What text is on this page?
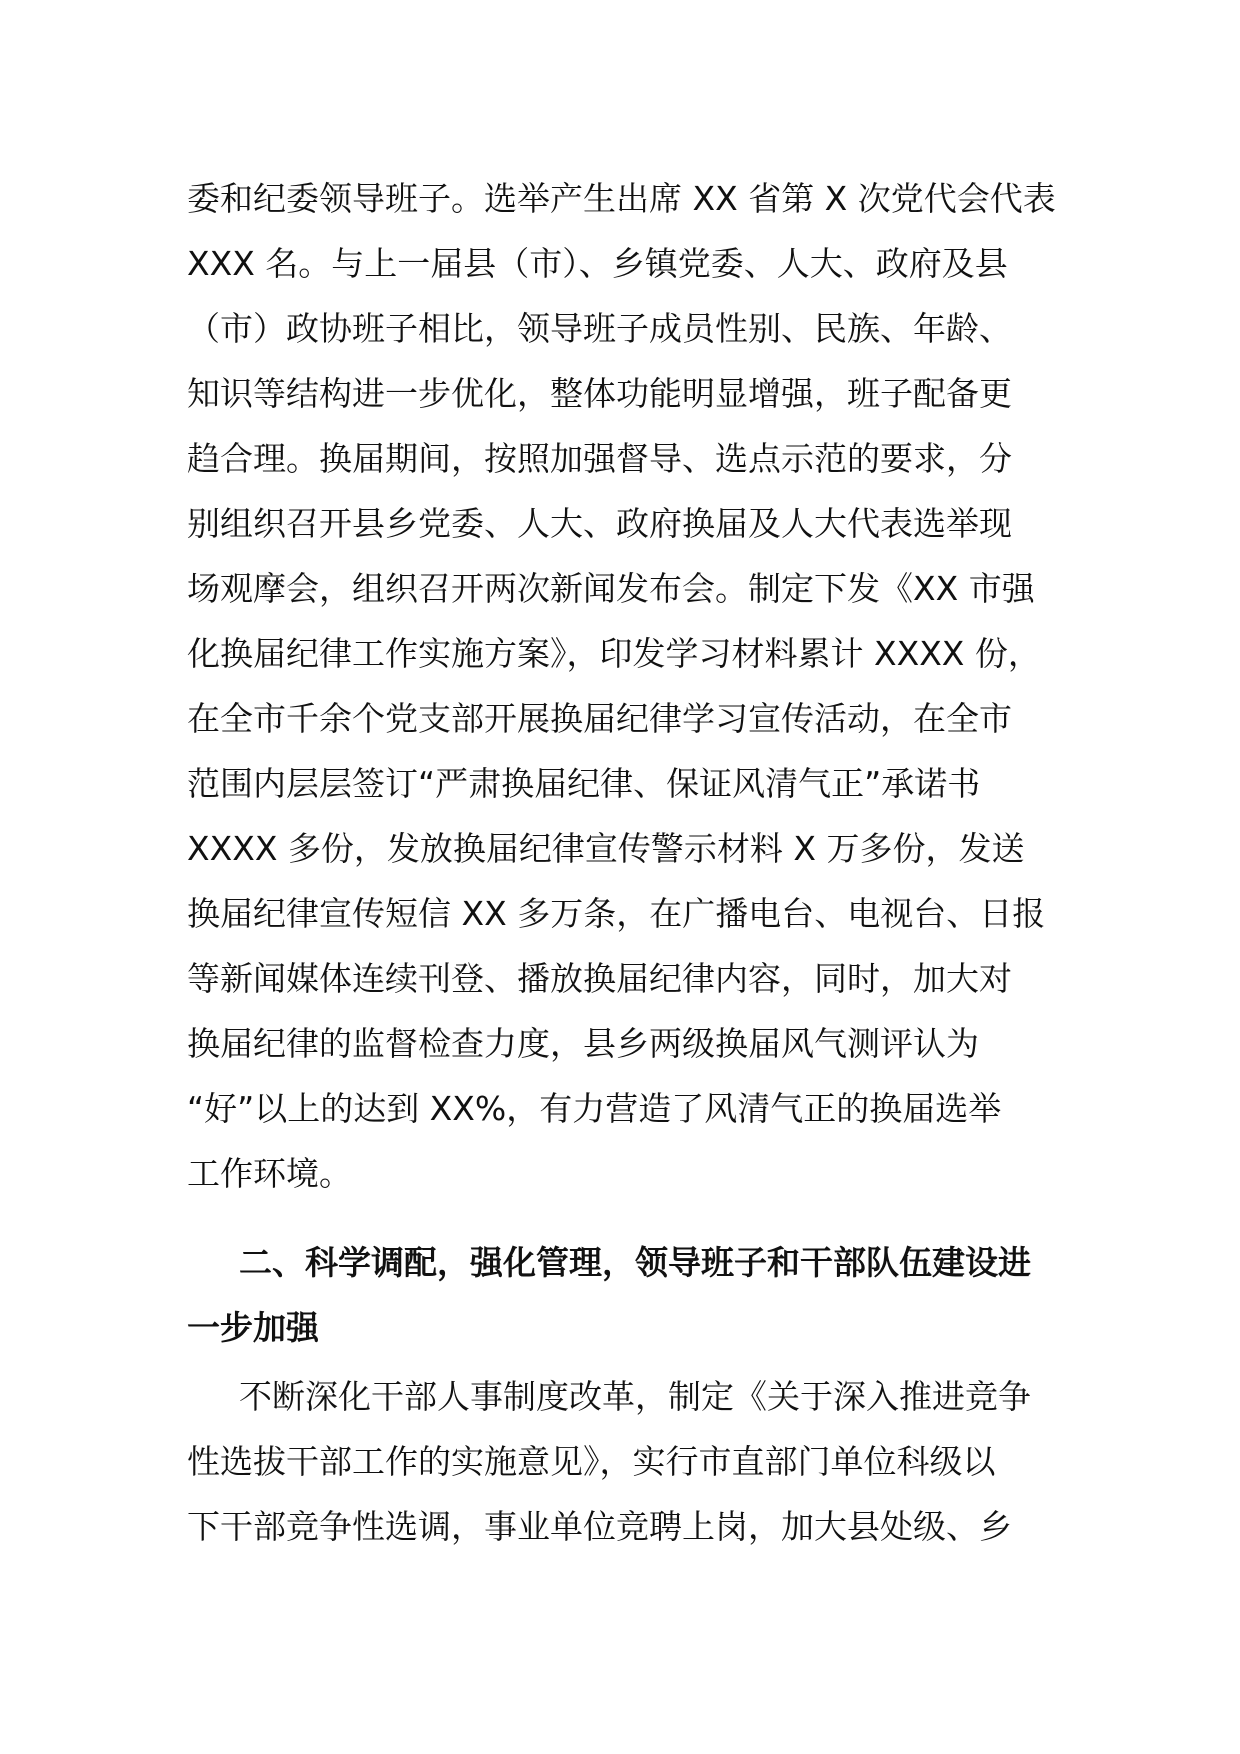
委和纪委领导班子。选举产生出席 XX 省第 X 次党代会代表
XXX 名。与上一届县（市）、乡镇党委、人大、政府及县
（市）政协班子相比，领导班子成员性别、民族、年龄、
知识等结构进一步优化，整体功能明显增强，班子配备更
趋合理。换届期间，按照加强督导、选点示范的要求，分
别组织召开县乡党委、人大、政府换届及人大代表选举现
场观摩会，组织召开两次新闻发布会。制定下发《XX 市强
化换届纪律工作实施方案》，印发学习材料累计 XXXX 份，
在全市千余个党支部开展换届纪律学习宣传活动，在全市
范围内层层签订“严肃换届纪律、保证风清气正”承诺书
XXXX 多份，发放换届纪律宣传警示材料 X 万多份，发送
换届纪律宣传短信 XX 多万条，在广播电台、电视台、日报
等新闻媒体连续刊登、播放换届纪律内容，同时，加大对
换届纪律的监督检查力度，县乡两级换届风气测评认为
“好”以上的达到 XX%，有力营造了风清气正的换届选举
工作环境。
二、科学调配，强化管理，领导班子和干部队伍建设进
一步加强
不断深化干部人事制度改革，制定《关于深入推进竞争
性选拔干部工作的实施意见》，实行市直部门单位科级以
下干部竞争性选调，事业单位竞聘上岗，加大县处级、乡
